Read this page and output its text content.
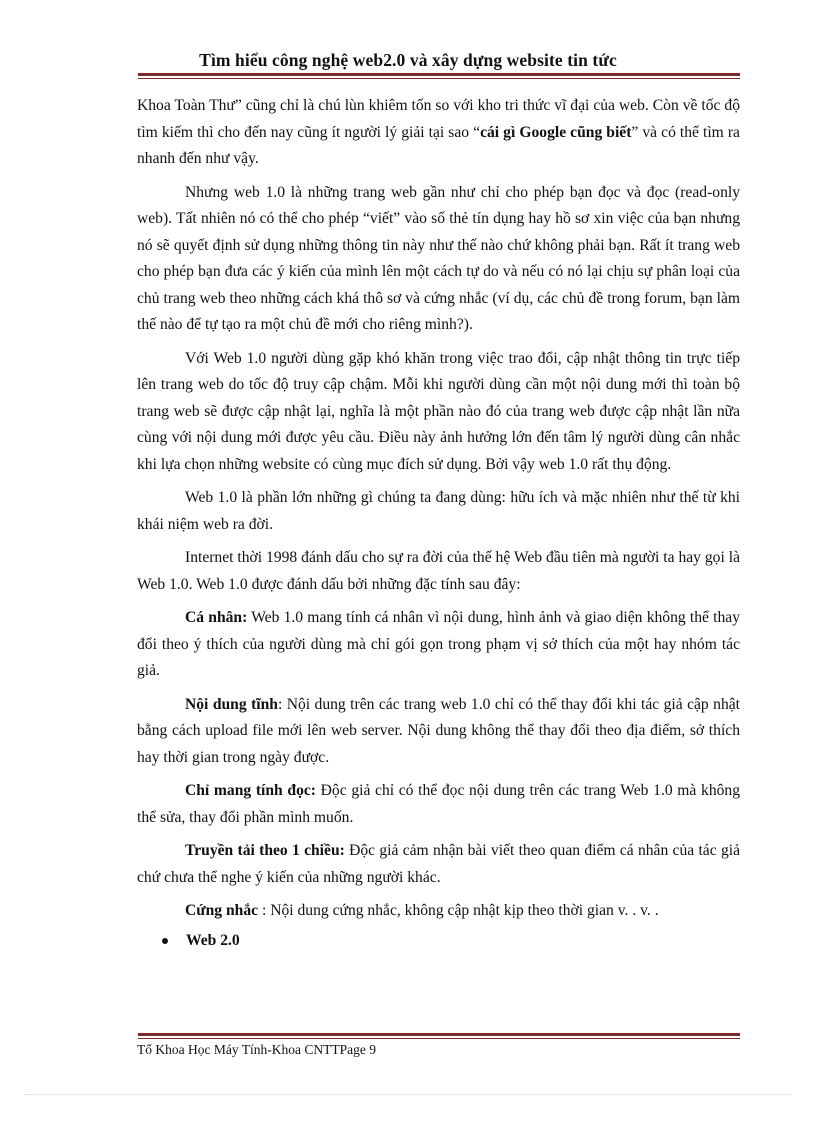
Tìm hiểu công nghệ web2.0 và xây dựng website tin tức

Khoa Toàn Thư” cũng chỉ là chú lùn khiêm tốn so với kho tri thức vĩ đại của web. Còn về tốc độ tìm kiếm thì cho đến nay cũng ít người lý giải tại sao “cái gì Google cũng biết” và có thể tìm ra nhanh đến như vậy.

Nhưng web 1.0 là những trang web gần như chỉ cho phép bạn đọc và đọc (read-only web). Tất nhiên nó có thể cho phép “viết” vào số thẻ tín dụng hay hồ sơ xin việc của bạn nhưng nó sẽ quyết định sử dụng những thông tin này như thế nào chứ không phải bạn. Rất ít trang web cho phép bạn đưa các ý kiến của mình lên một cách tự do và nếu có nó lại chịu sự phân loại của chủ trang web theo những cách khá thô sơ và cứng nhắc (ví dụ, các chủ đề trong forum, bạn làm thế nào để tự tạo ra một chủ đề mới cho riêng mình?).

Với Web 1.0 người dùng gặp khó khăn trong việc trao đổi, cập nhật thông tin trực tiếp lên trang web do tốc độ truy cập chậm. Mỗi khi người dùng cần một nội dung mới thì toàn bộ trang web sẽ được cập nhật lại, nghĩa là một phần nào đó của trang web được cập nhật lần nữa cùng với nội dung mới được yêu cầu. Điều này ảnh hưởng lớn đến tâm lý người dùng cân nhắc khi lựa chọn những website có cùng mục đích sử dụng. Bởi vậy web 1.0 rất thụ động.

Web 1.0 là phần lớn những gì chúng ta đang dùng: hữu ích và mặc nhiên như thế từ khi khái niệm web ra đời.

Internet thời 1998 đánh dấu cho sự ra đời của thế hệ Web đầu tiên mà người ta hay gọi là Web 1.0. Web 1.0 được đánh dấu bởi những đặc tính sau đây:

Cá nhân: Web 1.0 mang tính cá nhân vì nội dung, hình ảnh và giao diện không thể thay đổi theo ý thích của người dùng mà chỉ gói gọn trong phạm vị sở thích của một hay nhóm tác giả.

Nội dung tĩnh: Nội dung trên các trang web 1.0 chỉ có thể thay đổi khi tác giả cập nhật bằng cách upload file mới lên web server. Nội dung không thể thay đổi theo địa điểm, sở thích hay thời gian trong ngày được.

Chỉ mang tính đọc: Độc giả chỉ có thể đọc nội dung trên các trang Web 1.0 mà không thể sửa, thay đổi phần mình muốn.

Truyền tải theo 1 chiều: Độc giả cảm nhận bài viết theo quan điểm cá nhân của tác giả chứ chưa thể nghe ý kiến của những người khác.

Cứng nhắc : Nội dung cứng nhắc, không cập nhật kịp theo thời gian v. . v. .

Web 2.0
Tổ Khoa Học Máy Tính-Khoa CNTTPage 9
